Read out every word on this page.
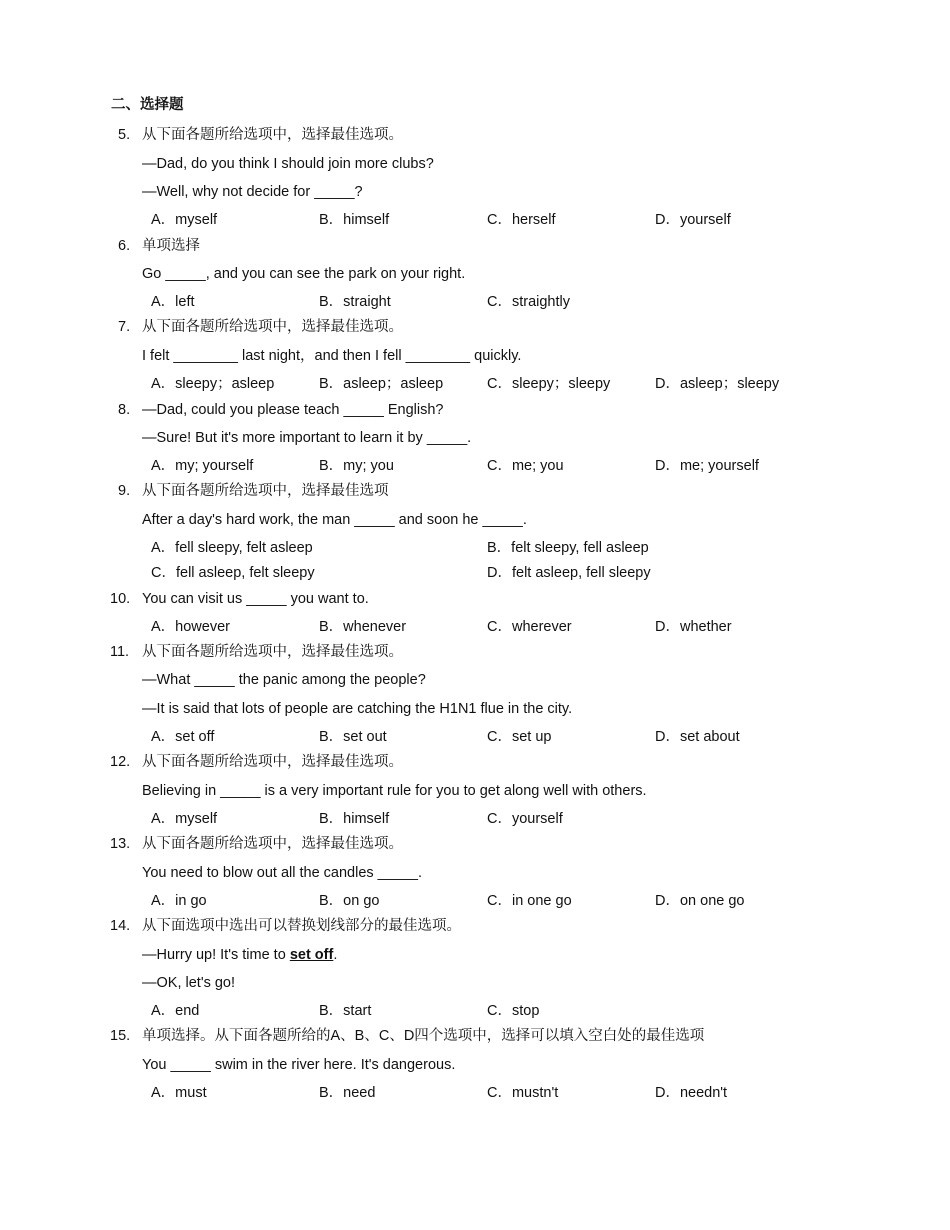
二、选择题
5. 从下面各题所给选项中，选择最佳选项。
—Dad, do you think I should join more clubs?
—Well, why not decide for _____?
A．myself	B．himself	C．herself	D．yourself
6. 单项选择
Go _____, and you can see the park on your right.
A．left	B．straight	C．straightly
7. 从下面各题所给选项中，选择最佳选项。
I felt ________ last night，and then I fell ________ quickly.
A．sleepy；asleep	B．asleep；asleep	C．sleepy；sleepy	D．asleep；sleepy
8. —Dad, could you please teach _____ English?
—Sure! But it's more important to learn it by _____.
A．my; yourself	B．my; you	C．me; you	D．me; yourself
9. 从下面各题所给选项中，选择最佳选项
After a day's hard work, the man _____ and soon he _____.
A．fell sleepy, felt asleep	B．felt sleepy, fell asleep
C．fell asleep, felt sleepy	D．felt asleep, fell sleepy
10. You can visit us _____ you want to.
A．however	B．whenever	C．wherever	D．whether
11. 从下面各题所给选项中，选择最佳选项。
—What _____ the panic among the people?
—It is said that lots of people are catching the H1N1 flue in the city.
A．set off	B．set out	C．set up	D．set about
12. 从下面各题所给选项中，选择最佳选项。
Believing in _____ is a very important rule for you to get along well with others.
A．myself	B．himself	C．yourself
13. 从下面各题所给选项中，选择最佳选项。
You need to blow out all the candles _____.
A．in go	B．on go	C．in one go	D．on one go
14. 从下面选项中选出可以替换划线部分的最佳选项。
—Hurry up! It's time to set off.
—OK, let's go!
A．end	B．start	C．stop
15. 单项选择。从下面各题所给的A、B、C、D四个选项中，选择可以填入空白处的最佳选项
You _____ swim in the river here. It's dangerous.
A．must	B．need	C．mustn't	D．needn't
